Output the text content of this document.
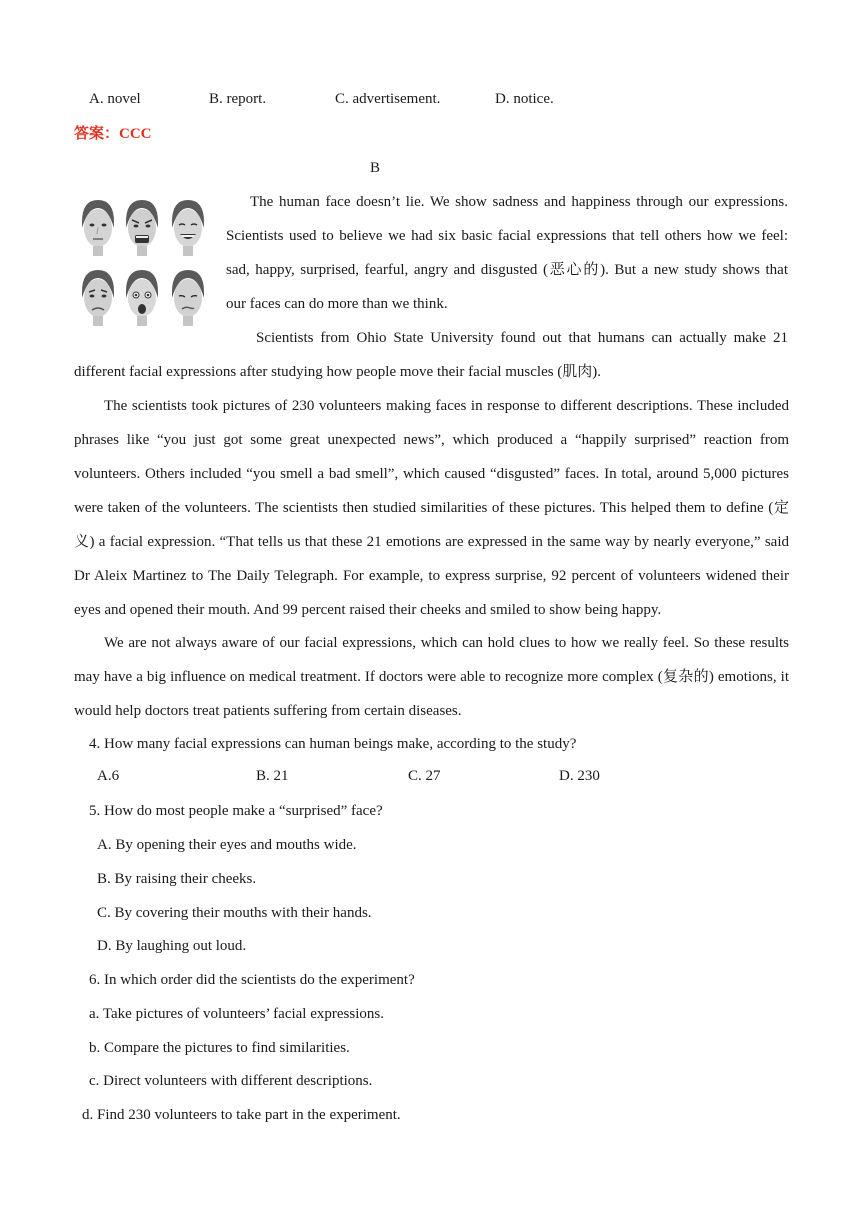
A. novel	B. report.	C. advertisement.	D. notice.
答案：CCC
B
The human face doesn’t lie. We show sadness and happiness through our expressions.
Scientists used to believe we had six basic facial expressions that tell others how we feel:
sad, happy, surprised, fearful, angry and disgusted (恶心的). But a new study shows that
our faces can do more than we think.
Scientists from Ohio State University found out that humans can actually make 21
different facial expressions after studying how people move their facial muscles (肌肉).
The scientists took pictures of 230 volunteers making faces in response to different descriptions. These included phrases like “you just got some great unexpected news”, which produced a “happily surprised” reaction from volunteers. Others included “you smell a bad smell”, which caused “disgusted” faces. In total, around 5,000 pictures were taken of the volunteers. The scientists then studied similarities of these pictures. This helped them to define (定义) a facial expression. “That tells us that these 21 emotions are expressed in the same way by nearly everyone,” said Dr Aleix Martinez to The Daily Telegraph. For example, to express surprise, 92 percent of volunteers widened their eyes and opened their mouth. And 99 percent raised their cheeks and smiled to show being happy.
We are not always aware of our facial expressions, which can hold clues to how we really feel. So these results may have a big influence on medical treatment. If doctors were able to recognize more complex (复杂的) emotions, it would help doctors treat patients suffering from certain diseases.
4. How many facial expressions can human beings make, according to the study?
A.6	B. 21	C. 27	D. 230
5. How do most people make a “surprised” face?
A. By opening their eyes and mouths wide.
B. By raising their cheeks.
C. By covering their mouths with their hands.
D. By laughing out loud.
6. In which order did the scientists do the experiment?
a. Take pictures of volunteers’ facial expressions.
b. Compare the pictures to find similarities.
c. Direct volunteers with different descriptions.
d. Find 230 volunteers to take part in the experiment.
